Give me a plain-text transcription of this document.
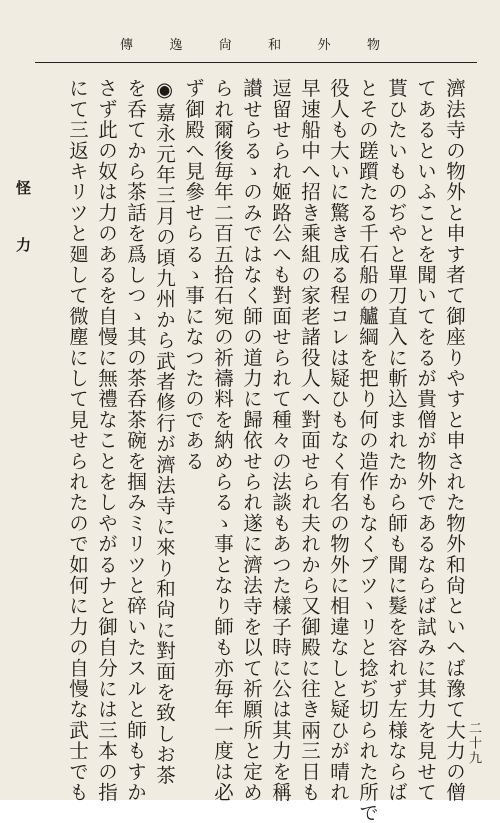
傳	逸	尙	和	外	物
濟法寺の物外と申す者て御座りやすと申された物外和尙といへば豫て大力の僧
てあるといふことを聞いてをるが貴僧が物外であるならば試みに其力を見せて
貰ひたいものぢやと單刀直入に斬込まれたから師も聞に髮を容れず左様ならば
とその蹉躓たる千石船の艫綱を把り何の造作もなくブツヽリと捻ぢ切られた所で
役人も大いに驚き成る程コレは疑ひもなく有名の物外に相違なしと疑ひが晴れ
早速船中へ招き乘組の家老諸役人へ對面せられ夫れから又御殿に往き兩三日も
逗留せられ姬路公へも對面せられて種々の法談もあつた樣子時に公は其力を稱
讃せらるゝのみではなく師の道力に歸依せられ遂に濟法寺を以て祈願所と定め
られ爾後毎年二百五拾石宛の祈禱料を納めらるゝ事となり師も亦毎年一度は必
ず御殿へ見參せらるゝ事になつたのである
◉嘉永元年三月の頃九州から武者修行が濟法寺に來り和尙に對面を致しお茶
を呑てから茶話を爲しつゝ其の茶呑茶碗を掴みミリツと碎いたスルと師もすか
さず此の奴は力のあるを自慢に無禮なことをしやがるナと御自分には三本の指
にて三返キリツと廻して微塵にして見せられたので如何に力の自慢な武士でも
怪力
二十九
